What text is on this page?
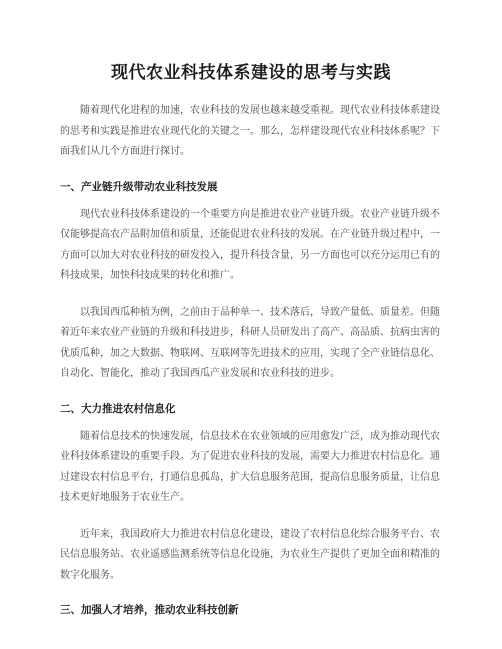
现代农业科技体系建设的思考与实践

随着现代化进程的加速，农业科技的发展也越来越受重视。现代农业科技体系建设的思考和实践是推进农业现代化的关键之一。那么，怎样建设现代农业科技体系呢？下面我们从几个方面进行探讨。

一、产业链升级带动农业科技发展

现代农业科技体系建设的一个重要方向是推进农业产业链升级。农业产业链升级不仅能够提高农产品附加值和质量，还能促进农业科技的发展。在产业链升级过程中，一方面可以加大对农业科技的研发投入，提升科技含量，另一方面也可以充分运用已有的科技成果，加快科技成果的转化和推广。

以我国西瓜种植为例，之前由于品种单一、技术落后，导致产量低、质量差。但随着近年来农业产业链的升级和科技进步，科研人员研发出了高产、高品质、抗病虫害的优质瓜种，加之大数据、物联网、互联网等先进技术的应用，实现了全产业链信息化、自动化、智能化，推动了我国西瓜产业发展和农业科技的进步。

二、大力推进农村信息化

随着信息技术的快速发展，信息技术在农业领域的应用愈发广泛，成为推动现代农业科技体系建设的重要手段。为了促进农业科技的发展，需要大力推进农村信息化。通过建设农村信息平台，打通信息孤岛，扩大信息服务范围，提高信息服务质量，让信息技术更好地服务于农业生产。

近年来，我国政府大力推进农村信息化建设，建设了农村信息化综合服务平台、农民信息服务站、农业遥感监测系统等信息化设施，为农业生产提供了更加全面和精准的数字化服务。

三、加强人才培养，推动农业科技创新
